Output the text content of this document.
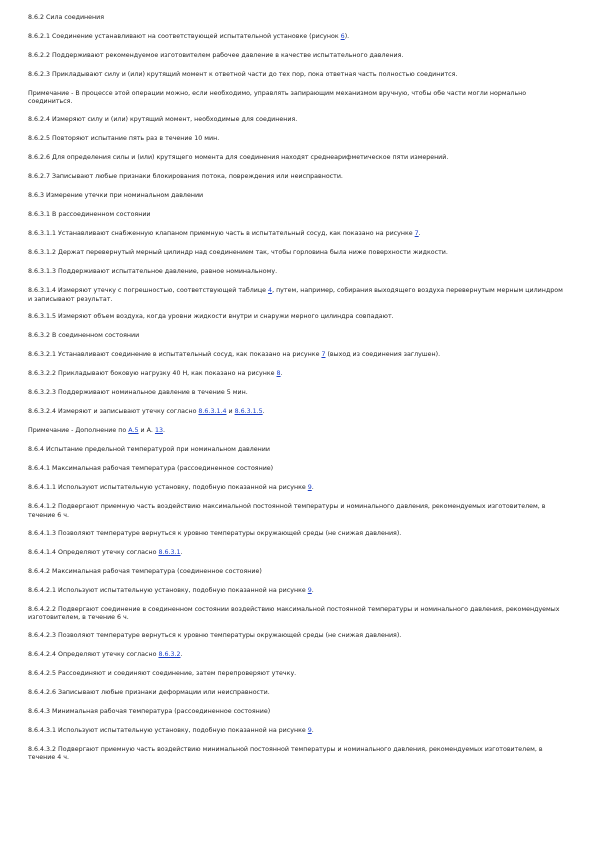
8.6.2 Сила соединения

8.6.2.1 Соединение устанавливают на соответствующей испытательной установке (рисунок 6).

8.6.2.2 Поддерживают рекомендуемое изготовителем рабочее давление в качестве испытательного давления.

8.6.2.3 Прикладывают силу и (или) крутящий момент к ответной части до тех пор, пока ответная часть полностью соединится.

Примечание - В процессе этой операции можно, если необходимо, управлять запирающим механизмом вручную, чтобы обе части могли нормально соединиться.

8.6.2.4 Измеряют силу и (или) крутящий момент, необходимые для соединения.

8.6.2.5 Повторяют испытание пять раз в течение 10 мин.

8.6.2.6 Для определения силы и (или) крутящего момента для соединения находят среднеарифметическое пяти измерений.

8.6.2.7 Записывают любые признаки блокирования потока, повреждения или неисправности.

8.6.3 Измерение утечки при номинальном давлении

8.6.3.1 В рассоединенном состоянии

8.6.3.1.1 Устанавливают снабженную клапаном приемную часть в испытательный сосуд, как показано на рисунке 7.

8.6.3.1.2 Держат перевернутый мерный цилиндр над соединением так, чтобы горловина была ниже поверхности жидкости.

8.6.3.1.3 Поддерживают испытательное давление, равное номинальному.

8.6.3.1.4 Измеряют утечку с погрешностью, соответствующей таблице 4, путем, например, собирания выходящего воздуха перевернутым мерным цилиндром и записывают результат.

8.6.3.1.5 Измеряют объем воздуха, когда уровни жидкости внутри и снаружи мерного цилиндра совпадают.

8.6.3.2 В соединенном состоянии

8.6.3.2.1 Устанавливают соединение в испытательный сосуд, как показано на рисунке 7 (выход из соединения заглушен).

8.6.3.2.2 Прикладывают боковую нагрузку 40 Н, как показано на рисунке 8.

8.6.3.2.3 Поддерживают номинальное давление в течение 5 мин.

8.6.3.2.4 Измеряют и записывают утечку согласно 8.6.3.1.4 и 8.6.3.1.5.

Примечание - Дополнение по А.5 и А. 13.

8.6.4 Испытание предельной температурой при номинальном давлении

8.6.4.1 Максимальная рабочая температура (рассоединенное состояние)

8.6.4.1.1 Используют испытательную установку, подобную показанной на рисунке 9.

8.6.4.1.2 Подвергают приемную часть воздействию максимальной постоянной температуры и номинального давления, рекомендуемых изготовителем, в течение 6 ч.

8.6.4.1.3 Позволяют температуре вернуться к уровню температуры окружающей среды (не снижая давления).

8.6.4.1.4 Определяют утечку согласно 8.6.3.1.

8.6.4.2 Максимальная рабочая температура (соединенное состояние)

8.6.4.2.1 Используют испытательную установку, подобную показанной на рисунке 9.

8.6.4.2.2 Подвергают соединение в соединенном состоянии воздействию максимальной постоянной температуры и номинального давления, рекомендуемых изготовителем, в течение 6 ч.

8.6.4.2.3 Позволяют температуре вернуться к уровню температуры окружающей среды (не снижая давления).

8.6.4.2.4 Определяют утечку согласно 8.6.3.2.

8.6.4.2.5 Рассоединяют и соединяют соединение, затем перепроверяют утечку.

8.6.4.2.6 Записывают любые признаки деформации или неисправности.

8.6.4.3 Минимальная рабочая температура (рассоединенное состояние)

8.6.4.3.1 Используют испытательную установку, подобную показанной на рисунке 9.

8.6.4.3.2 Подвергают приемную часть воздействию минимальной постоянной температуры и номинального давления, рекомендуемых изготовителем, в течение 4 ч.
